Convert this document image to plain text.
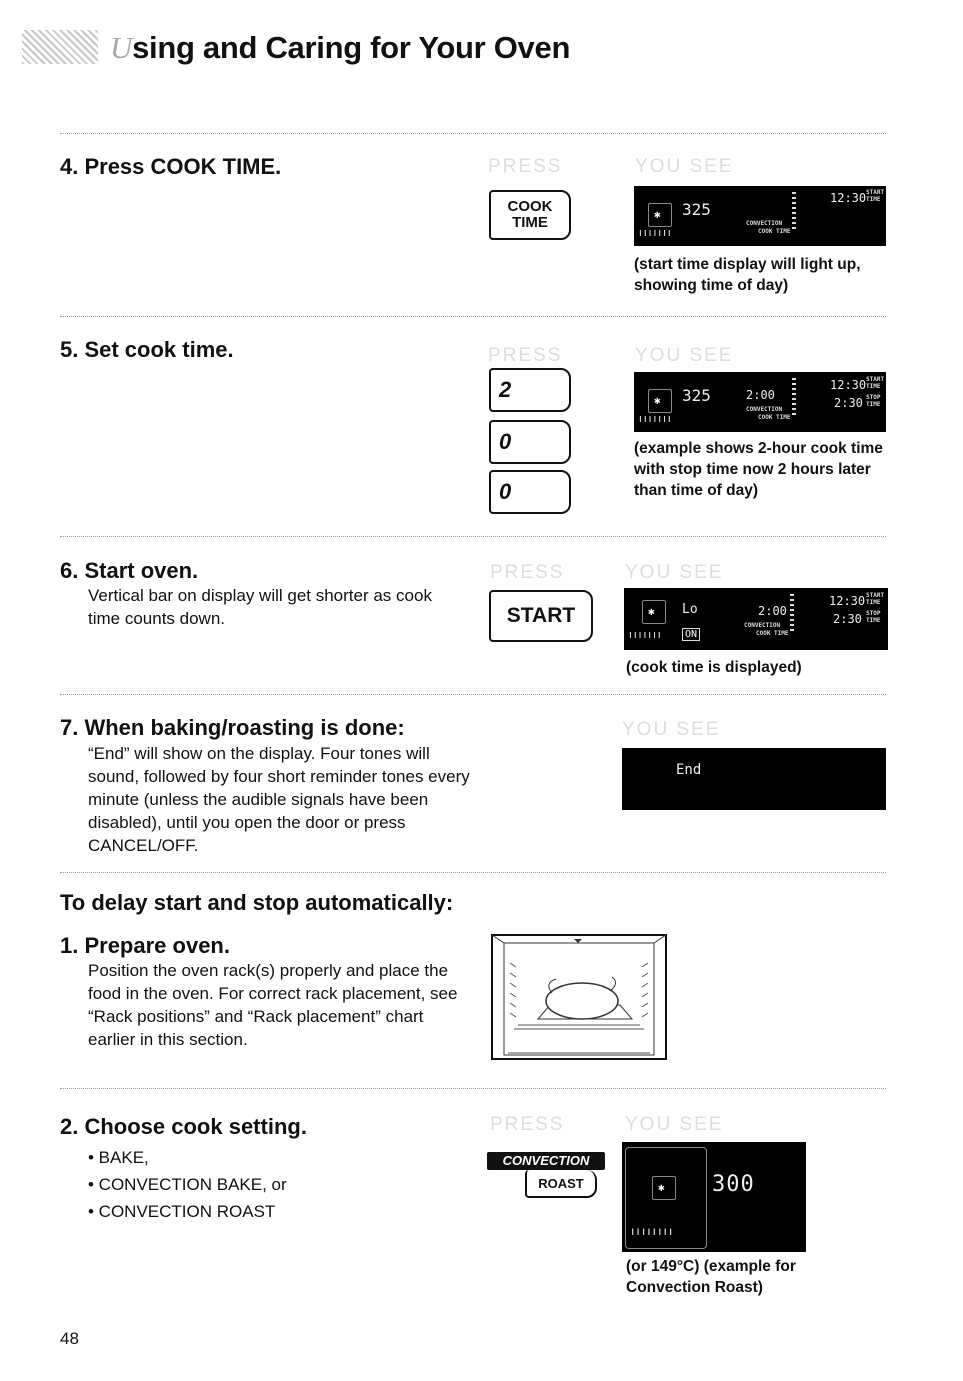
Using and Caring for Your Oven
4. Press COOK TIME.	PRESS	YOU SEE
COOK
TIME	✱
ǀǀǀǀǀǀǀ
325
CONVECTION
COOK TIME
12:30 START TIME
(start time display will light up, showing time of day)
5. Set cook time.	PRESS	YOU SEE
2
0
0
✱
ǀǀǀǀǀǀǀ
325	2:00
CONVECTION
COOK TIME
12:30
2:30
START TIME
STOP TIME
(example shows 2-hour cook time with stop time now 2 hours later than time of day)
6. Start oven.
Vertical bar on display will get shorter as cook time counts down.
PRESS	YOU SEE
START	✱
ǀǀǀǀǀǀǀ	ON
Lo	2:00
CONVECTION
COOK TIME
12:30
2:30
START TIME
STOP TIME
(cook time is displayed)
7. When baking/roasting is done:
“End” will show on the display. Four tones will sound, followed by four short reminder tones every minute (unless the audible signals have been disabled), until you open the door or press CANCEL/OFF.
YOU SEE
End
To delay start and stop automatically:
1. Prepare oven.
Position the oven rack(s) properly and place the food in the oven. For correct rack placement, see “Rack positions” and “Rack placement” chart earlier in this section.
2. Choose cook setting.
• BAKE,
• CONVECTION BAKE, or
• CONVECTION ROAST
PRESS	YOU SEE
CONVECTION
ROAST	✱
ǀǀǀǀǀǀǀǀ
300
(or 149°C) (example for Convection Roast)
48
